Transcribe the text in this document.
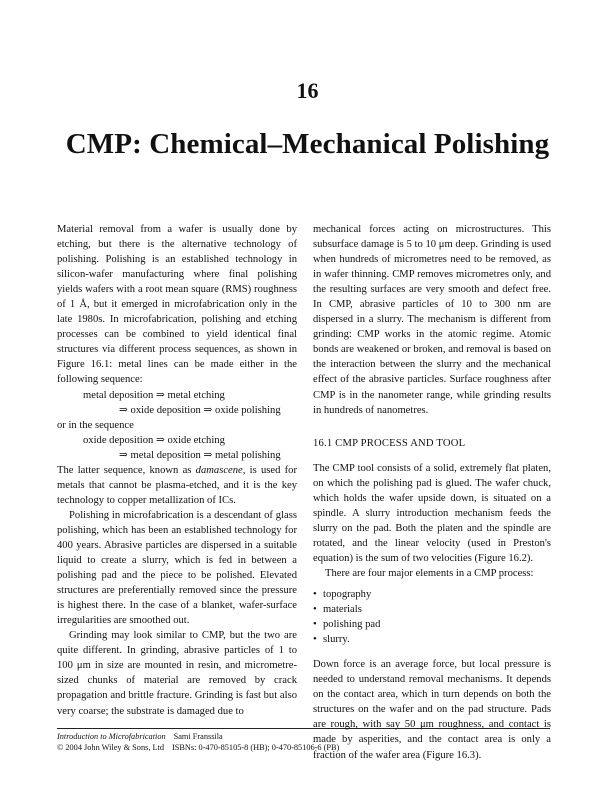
16
CMP: Chemical–Mechanical Polishing

Material removal from a wafer is usually done by etching, but there is the alternative technology of polishing. Polishing is an established technology in silicon-wafer manufacturing where final polishing yields wafers with a root mean square (RMS) roughness of 1 Å, but it emerged in microfabrication only in the late 1980s. In microfabrication, polishing and etching processes can be combined to yield identical final structures via different process sequences, as shown in Figure 16.1: metal lines can be made either in the following sequence:

metal deposition ⇒ metal etching

⇒ oxide deposition ⇒ oxide polishing

or in the sequence

oxide deposition ⇒ oxide etching

⇒ metal deposition ⇒ metal polishing

The latter sequence, known as damascene, is used for metals that cannot be plasma-etched, and it is the key technology to copper metallization of ICs.

Polishing in microfabrication is a descendant of glass polishing, which has been an established technology for 400 years. Abrasive particles are dispersed in a suitable liquid to create a slurry, which is fed in between a polishing pad and the piece to be polished. Elevated structures are preferentially removed since the pressure is highest there. In the case of a blanket, wafer-surface irregularities are smoothed out.

Grinding may look similar to CMP, but the two are quite different. In grinding, abrasive particles of 1 to 100 μm in size are mounted in resin, and micrometre-sized chunks of material are removed by crack propagation and brittle fracture. Grinding is fast but also very coarse; the substrate is damaged due to

mechanical forces acting on microstructures. This subsurface damage is 5 to 10 μm deep. Grinding is used when hundreds of micrometres need to be removed, as in wafer thinning. CMP removes micrometres only, and the resulting surfaces are very smooth and defect free. In CMP, abrasive particles of 10 to 300 nm are dispersed in a slurry. The mechanism is different from grinding: CMP works in the atomic regime. Atomic bonds are weakened or broken, and removal is based on the interaction between the slurry and the mechanical effect of the abrasive particles. Surface roughness after CMP is in the nanometer range, while grinding results in hundreds of nanometres.

16.1 CMP PROCESS AND TOOL

The CMP tool consists of a solid, extremely flat platen, on which the polishing pad is glued. The wafer chuck, which holds the wafer upside down, is situated on a spindle. A slurry introduction mechanism feeds the slurry on the pad. Both the platen and the spindle are rotated, and the linear velocity (used in Preston's equation) is the sum of two velocities (Figure 16.2).

There are four major elements in a CMP process:

• topography
• materials
• polishing pad
• slurry.

Down force is an average force, but local pressure is needed to understand removal mechanisms. It depends on the contact area, which in turn depends on both the structures on the wafer and on the pad structure. Pads are rough, with say 50 μm roughness, and contact is made by asperities, and the contact area is only a fraction of the wafer area (Figure 16.3).

Introduction to Microfabrication Sami Franssila
© 2004 John Wiley & Sons, Ltd ISBNs: 0-470-85105-8 (HB); 0-470-85106-6 (PB)
